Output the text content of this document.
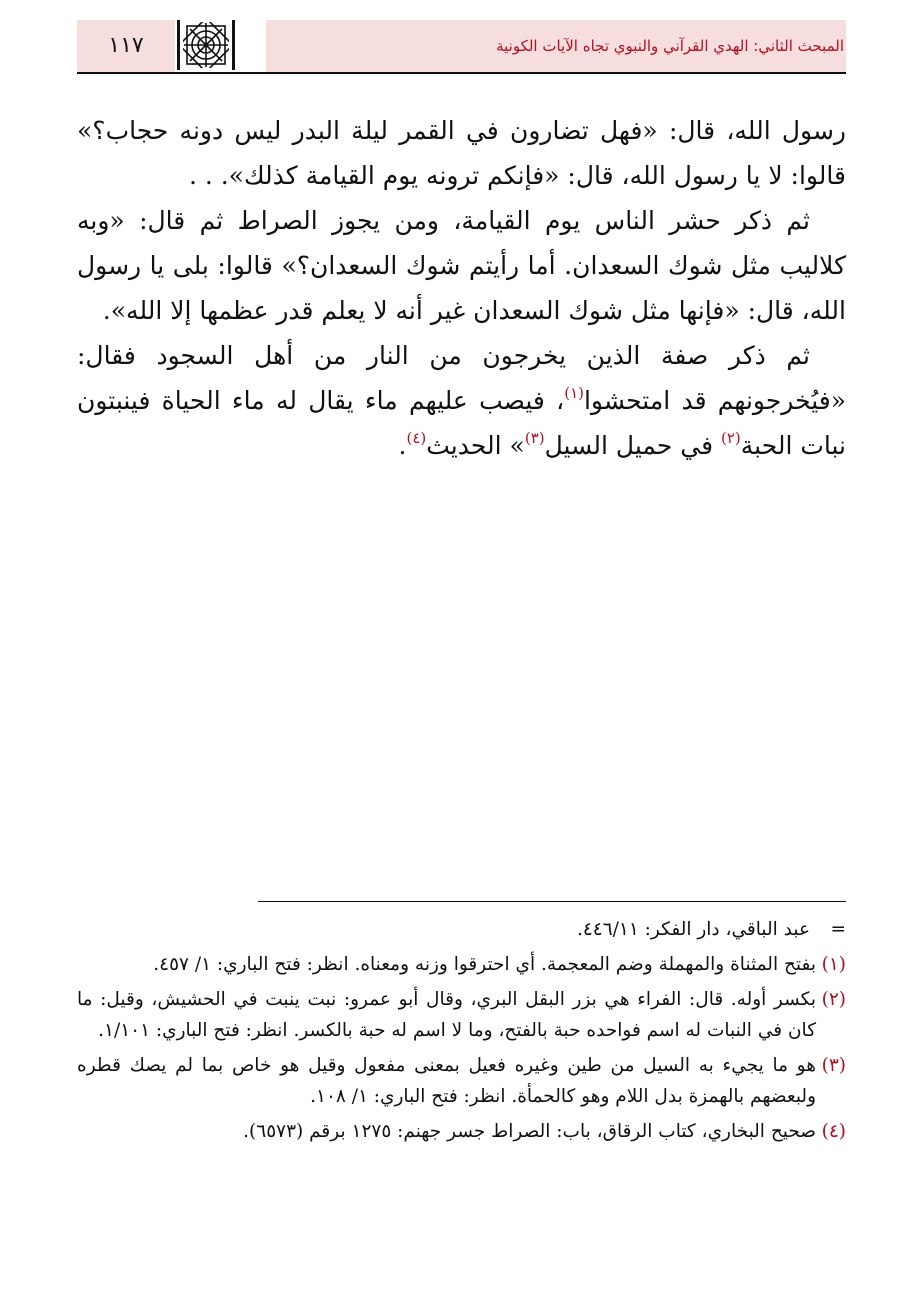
المبحث الثاني: الهدي القرآني والنبوي تجاه الآيات الكونية
١١٧

رسول الله، قال: «فهل تضارون في القمر ليلة البدر ليس دونه حجاب؟» قالوا: لا يا رسول الله، قال: «فإنكم ترونه يوم القيامة كذلك». . .

ثم ذكر حشر الناس يوم القيامة، ومن يجوز الصراط ثم قال: «وبه كلاليب مثل شوك السعدان. أما رأيتم شوك السعدان؟» قالوا: بلى يا رسول الله، قال: «فإنها مثل شوك السعدان غير أنه لا يعلم قدر عظمها إلا الله».

ثم ذكر صفة الذين يخرجون من النار من أهل السجود فقال: «فيُخرجونهم قد امتحشوا$^{(١)}$، فيصب عليهم ماء يقال له ماء الحياة فينبتون نبات الحبة$^{(٢)}$ في حميل السيل$^{(٣)}$» الحديث$^{(٤)}$.

=
عبد الباقي، دار الفكر: ٤٤٦/١١.
(١)
بفتح المثناة والمهملة وضم المعجمة. أي احترقوا وزنه ومعناه. انظر: فتح الباري: ١/ ٤٥٧.
(٢)
بكسر أوله. قال: الفراء هي بزر البقل البري، وقال أبو عمرو: نبت ينبت في الحشيش، وقيل: ما كان في النبات له اسم فواحده حبة بالفتح، وما لا اسم له حبة بالكسر. انظر: فتح الباري: ١/١٠١.
(٣)
هو ما يجيء به السيل من طين وغيره فعيل بمعنى مفعول وقيل هو خاص بما لم يصك قطره ولبعضهم بالهمزة بدل اللام وهو كالحمأة. انظر: فتح الباري: ١/ ١٠٨.
(٤)
صحيح البخاري، كتاب الرقاق، باب: الصراط جسر جهنم: ١٢٧٥ برقم (٦٥٧٣).
